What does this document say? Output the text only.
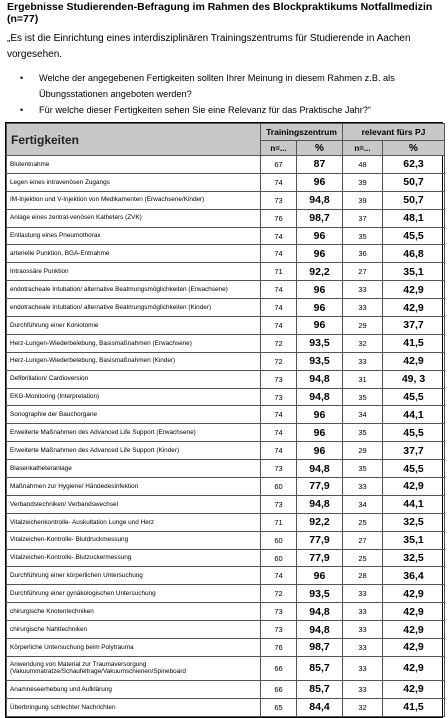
Ergebnisse Studierenden-Befragung im Rahmen des Blockpraktikums Notfallmedizin (n=77)
„Es ist die Einrichtung eines interdisziplinären Trainingszentrums für Studierende in Aachen vorgesehen.
• Welche der angegebenen Fertigkeiten sollten Ihrer Meinung in diesem Rahmen z.B. als Übungsstationen angeboten werden?
• Für welche dieser Fertigkeiten sehen Sie eine Relevanz für das Praktische Jahr?“
Fertigkeiten	Trainingszentrum		relevant fürs PJ	
	n=...	%	n=...	%
Blutentnahme	67	87	48	62,3
Legen eines intravenösen Zugangs	74	96	39	50,7
IM-Injektion und V-Injektion von Medikamenten (Erwachsene/Kinder)	73	94,8	39	50,7
Anlage eines zentral-venösen Katheters (ZVK)	76	98,7	37	48,1
Entlastung eines Pneumothorax	74	96	35	45,5
arterielle Punktion, BGA-Entnahme	74	96	36	46,8
Intraossäre Punktion	71	92,2	27	35,1
endotracheale Intubation/ alternative Beatmungsmöglichkeiten (Erwachsene)	74	96	33	42,9
endotracheale Intubation/ alternative Beatmungsmöglichkeiten (Kinder)	74	96	33	42,9
Durchführung einer Koniotomie	74	96	29	37,7
Herz-Lungen-Wiederbelebung, Basismaßnahmen (Erwachsene)	72	93,5	32	41,5
Herz-Lungen-Wiederbelebung, Basismaßnahmen (Kinder)	72	93,5	33	42,9
Defibrillation/ Cardioversion	73	94,8	31	49, 3
EKG-Monitoring (Interpretation)	73	94,8	35	45,5
Sonographie der Bauchorgane	74	96	34	44,1
Erweiterte Maßnahmen des Advanced Life Support (Erwachsene)	74	96	35	45,5
Erweiterte Maßnahmen des Advanced Life Support (Kinder)	74	96	29	37,7
Blasenkatheteranlage	73	94,8	35	45,5
Maßnahmen zur Hygiene/ Händedesinfektion	60	77,9	33	42,9
Verbandstechniken/ Verbandswechsel	73	94,8	34	44,1
Vitalzeichenkontrolle- Auskultation Lunge und Herz	71	92,2	25	32,5
Vitalzeichen-Kontrolle- Blutdruckmessung	60	77,9	27	35,1
Vitalzeichen-Kontrolle- Blutzuckermessung	60	77,9	25	32,5
Durchführung einer körperlichen Untersuchung	74	96	28	36,4
Durchführung einer gynäkologischen Untersuchung	72	93,5	33	42,9
chirurgische Knotentechniken	73	94,8	33	42,9
chirurgische Nahttechniken	73	94,8	33	42,9
Körperliche Untersuchung beim Polytrauma	76	98,7	33	42,9
Anwendung von Material zur Traumaversorgung (Vakuummatratze/Schaufeltrage/Vakuumschienen/Spineboard	66	85,7	33	42,9
Anamneseerhebung und Aufklärung	66	85,7	33	42,9
Überbringung schlechter Nachrichten	65	84,4	32	41,5
